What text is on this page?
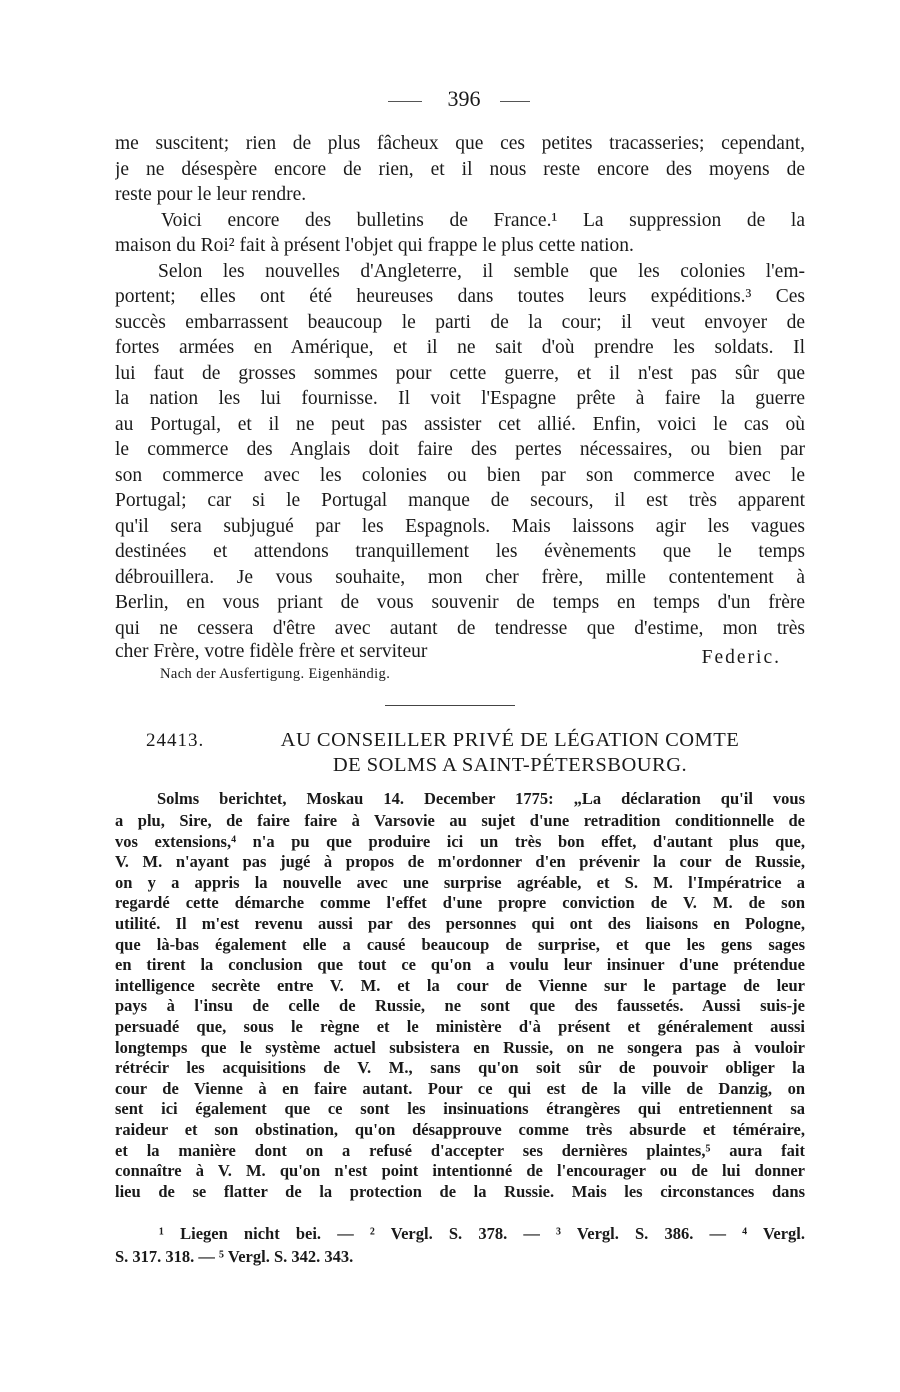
396
me suscitent; rien de plus fâcheux que ces petites tracasseries; cependant,
je ne désespère encore de rien, et il nous reste encore des moyens de
reste pour le leur rendre.
Voici encore des bulletins de France.¹ La suppression de la
maison du Roi² fait à présent l'objet qui frappe le plus cette nation.
Selon les nouvelles d'Angleterre, il semble que les colonies l'em-
portent; elles ont été heureuses dans toutes leurs expéditions.³ Ces
succès embarrassent beaucoup le parti de la cour; il veut envoyer de
fortes armées en Amérique, et il ne sait d'où prendre les soldats. Il
lui faut de grosses sommes pour cette guerre, et il n'est pas sûr que
la nation les lui fournisse. Il voit l'Espagne prête à faire la guerre
au Portugal, et il ne peut pas assister cet allié. Enfin, voici le cas où
le commerce des Anglais doit faire des pertes nécessaires, ou bien par
son commerce avec les colonies ou bien par son commerce avec le
Portugal; car si le Portugal manque de secours, il est très apparent
qu'il sera subjugué par les Espagnols. Mais laissons agir les vagues
destinées et attendons tranquillement les évènements que le temps
débrouillera. Je vous souhaite, mon cher frère, mille contentement à
Berlin, en vous priant de vous souvenir de temps en temps d'un frère
qui ne cessera d'être avec autant de tendresse que d'estime, mon très
cher Frère, votre fidèle frère et serviteur	Federic.
Nach der Ausfertigung. Eigenhändig.
24413.	AU CONSEILLER PRIVÉ DE LÉGATION COMTE
DE SOLMS A SAINT-PÉTERSBOURG.
Solms berichtet, Moskau 14. December 1775: „La déclaration qu'il vous
a plu, Sire, de faire faire à Varsovie au sujet d'une retradition conditionnelle de
vos extensions,⁴ n'a pu que produire ici un très bon effet, d'autant plus que,
V. M. n'ayant pas jugé à propos de m'ordonner d'en prévenir la cour de Russie,
on y a appris la nouvelle avec une surprise agréable, et S. M. l'Impératrice a
regardé cette démarche comme l'effet d'une propre conviction de V. M. de son
utilité. Il m'est revenu aussi par des personnes qui ont des liaisons en Pologne,
que là-bas également elle a causé beaucoup de surprise, et que les gens sages
en tirent la conclusion que tout ce qu'on a voulu leur insinuer d'une prétendue
intelligence secrète entre V. M. et la cour de Vienne sur le partage de leur
pays à l'insu de celle de Russie, ne sont que des faussetés. Aussi suis-je
persuadé que, sous le règne et le ministère d'à présent et généralement aussi
longtemps que le système actuel subsistera en Russie, on ne songera pas à vouloir
rétrécir les acquisitions de V. M., sans qu'on soit sûr de pouvoir obliger la
cour de Vienne à en faire autant. Pour ce qui est de la ville de Danzig, on
sent ici également que ce sont les insinuations étrangères qui entretiennent sa
raideur et son obstination, qu'on désapprouve comme très absurde et téméraire,
et la manière dont on a refusé d'accepter ses dernières plaintes,⁵ aura fait
connaître à V. M. qu'on n'est point intentionné de l'encourager ou de lui donner
lieu de se flatter de la protection de la Russie. Mais les circonstances dans
¹ Liegen nicht bei. — ² Vergl. S. 378. — ³ Vergl. S. 386. — ⁴ Vergl.
S. 317. 318. — ⁵ Vergl. S. 342. 343.
